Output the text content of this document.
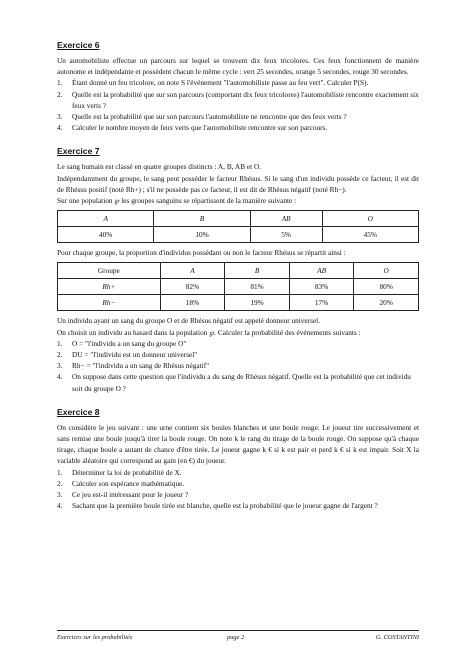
Exercice 6

Un automobiliste effectue un parcours sur lequel se trouvent dix feux tricolores. Ces feux fonctionnent de manière autonome et indépendante et possèdent chacun le même cycle : vert 25 secondes, orange 5 secondes, rouge 30 secondes.

1. Étant donné un feu tricolore, on note S l'événement "l'automobiliste passe au feu vert". Calculer P(S).
2. Quelle est la probabilité que sur son parcours (comportant dix feux tricolores) l'automobiliste rencontre exactement six feux verts ?
3. Quelle est la probabilité que sur son parcours l'automobiliste ne rencontre que des feux verts ?
4. Calculer le nombre moyen de feux verts que l'automobiliste rencontre sur son parcours.
Exercice 7

Le sang humain est classé en quatre groupes distincts : A, B, AB et O.

Indépendamment du groupe, le sang peut posséder le facteur Rhésus. Si le sang d'un individu possède ce facteur, il est dit de Rhésus positif (noté Rh+) ; s'il ne possède pas ce facteur, il est dit de Rhésus négatif (noté Rh−).

Sur une population ℘ les groupes sanguins se répartissent de la manière suivante :

A	B	AB	O
40%	10%	5%	45%

Pour chaque groupe, la proportion d'individus possédant ou non le facteur Rhésus se répartit ainsi :

Groupe	A	B	AB	O
Rh+	82%	81%	83%	80%
Rh−	18%	19%	17%	20%

Un individu ayant un sang du groupe O et de Rhésus négatif est appelé donneur universel.

On choisit un individu au hasard dans la population ℘. Calculer la probabilité des événements suivants :

1. O = "l'individu a un sang du groupe O"
2. DU = "l'individu est un donneur universel"
3. Rh− = "l'individu a un sang de Rhésus négatif"
4. On suppose dans cette question que l'individu a du sang de Rhésus négatif. Quelle est la probabilité que cet individu soit du groupe O ?
Exercice 8

On considère le jeu suivant : une urne contient six boules blanches et une boule rouge. Le joueur tire successivement et sans remise une boule jusqu'à tirer la boule rouge. On note k le rang du tirage de la boule rouge. On suppose qu'à chaque tirage, chaque boule a autant de chance d'être tirée. Le joueur gagne k € si k est pair et perd k € si k est impair. Soit X la variable aléatoire qui correspond au gain (en €) du joueur.

1. Déterminer la loi de probabilité de X.
2. Calculer son espérance mathématique.
3. Ce jeu est-il intéressant pour le joueur ?
4. Sachant que la première boule tirée est blanche, quelle est la probabilité que le joueur gagne de l'argent ?
Exercices sur les probabilités	page 2	G. COSTANTINI
